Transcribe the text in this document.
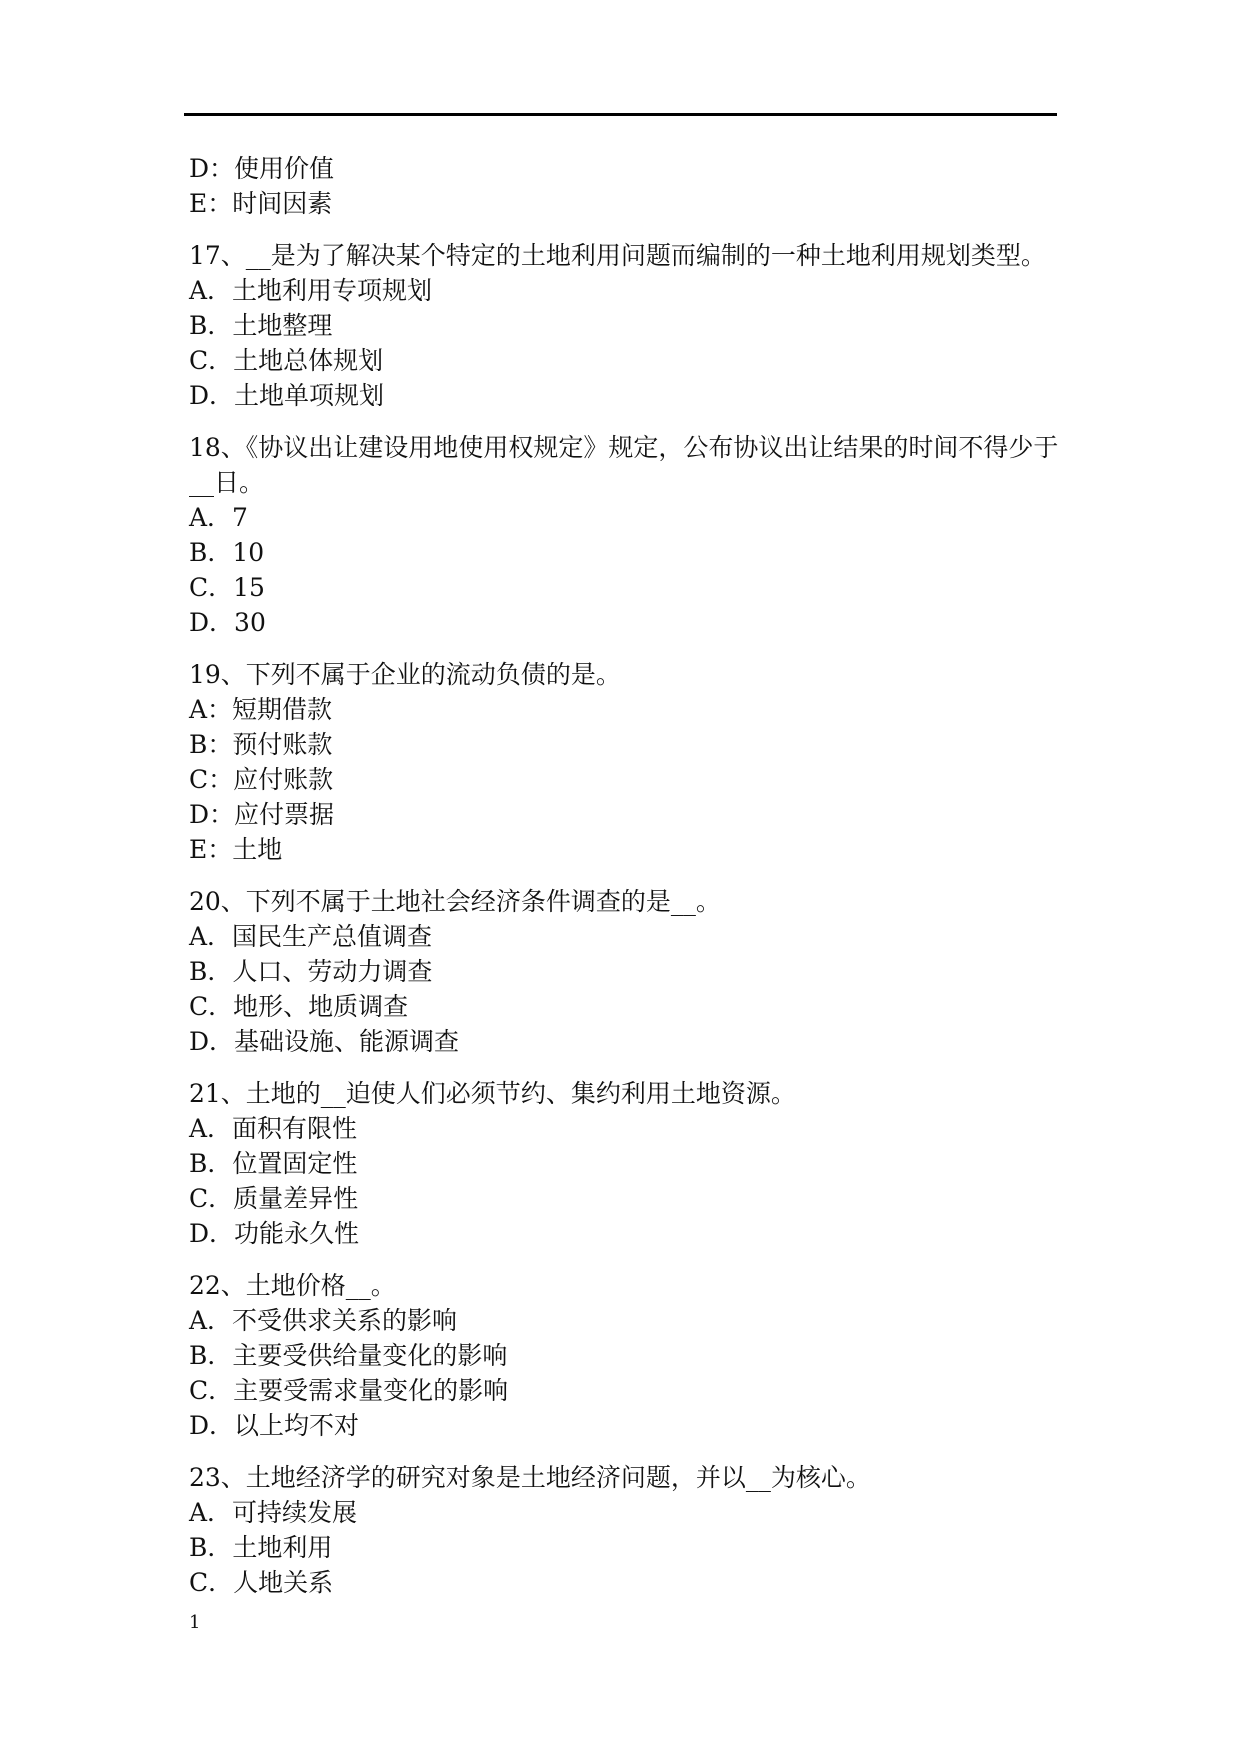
D：使用价值

E：时间因素

17、__是为了解决某个特定的土地利用问题而编制的一种土地利用规划类型。

A．土地利用专项规划

B．土地整理

C．土地总体规划

D．土地单项规划

18、《协议出让建设用地使用权规定》规定，公布协议出让结果的时间不得少于__日。

A．7

B．10

C．15

D．30

19、下列不属于企业的流动负债的是。

A：短期借款

B：预付账款

C：应付账款

D：应付票据

E：土地

20、下列不属于土地社会经济条件调查的是__。

A．国民生产总值调查

B．人口、劳动力调查

C．地形、地质调查

D．基础设施、能源调查

21、土地的__迫使人们必须节约、集约利用土地资源。

A．面积有限性

B．位置固定性

C．质量差异性

D．功能永久性

22、土地价格__。

A．不受供求关系的影响

B．主要受供给量变化的影响

C．主要受需求量变化的影响

D．以上均不对

23、土地经济学的研究对象是土地经济问题，并以__为核心。

A．可持续发展

B．土地利用

C．人地关系

1
